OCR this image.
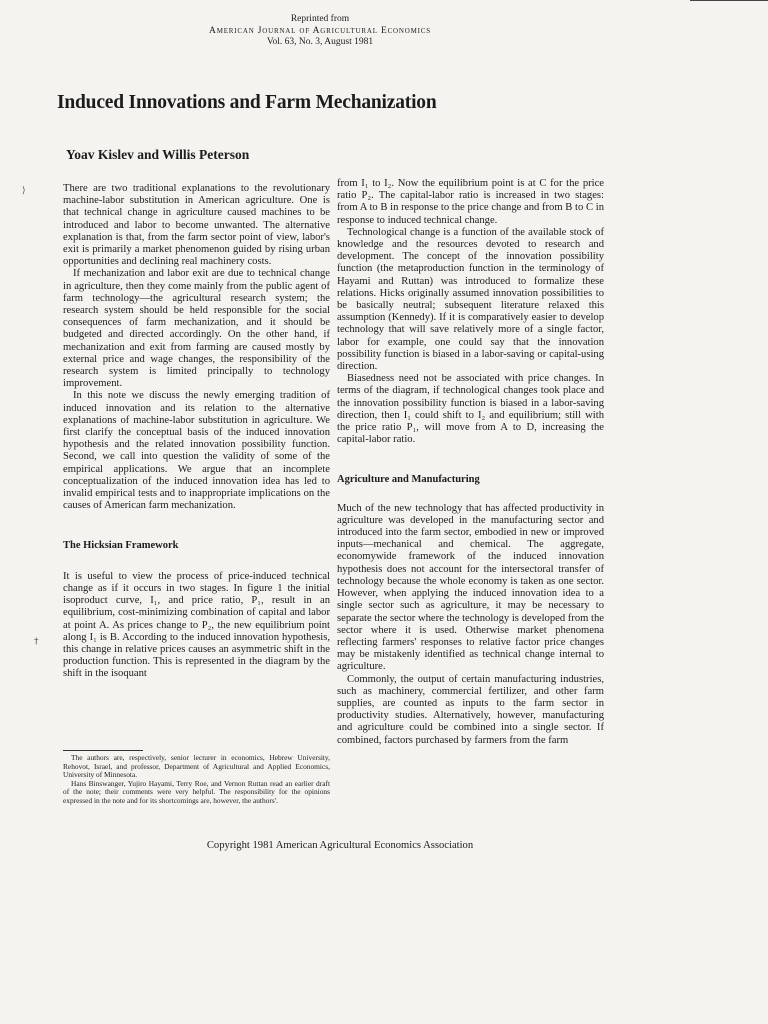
⟩
†
Reprinted from
American Journal of Agricultural Economics
Vol. 63, No. 3, August 1981
Induced Innovations and Farm Mechanization
Yoav Kislev and Willis Peterson

There are two traditional explanations to the revolutionary machine-labor substitution in American agriculture. One is that technical change in agriculture caused machines to be introduced and labor to become unwanted. The alternative explanation is that, from the farm sector point of view, labor's exit is primarily a market phenomenon guided by rising urban opportunities and declining real machinery costs.

If mechanization and labor exit are due to technical change in agriculture, then they come mainly from the public agent of farm technology—the agricultural research system; the research system should be held responsible for the social consequences of farm mechanization, and it should be budgeted and directed accordingly. On the other hand, if mechanization and exit from farming are caused mostly by external price and wage changes, the responsibility of the research system is limited principally to technology improvement.

In this note we discuss the newly emerging tradition of induced innovation and its relation to the alternative explanations of machine-labor substitution in agriculture. We first clarify the conceptual basis of the induced innovation hypothesis and the related innovation possibility function. Second, we call into question the validity of some of the empirical applications. We argue that an incomplete conceptualization of the induced innovation idea has led to invalid empirical tests and to inappropriate implications on the causes of American farm mechanization.

The Hicksian Framework

It is useful to view the process of price-induced technical change as if it occurs in two stages. In figure 1 the initial isoproduct curve, I₁, and price ratio, P₁, result in an equilibrium, cost-minimizing combination of capital and labor at point A. As prices change to P₂, the new equilibrium point along I₁ is B. According to the induced innovation hypothesis, this change in relative prices causes an asymmetric shift in the production function. This is represented in the diagram by the shift in the isoquant

The authors are, respectively, senior lecturer in economics, Hebrew University, Rehovot, Israel, and professor, Department of Agricultural and Applied Economics, University of Minnesota.

Hans Binswanger, Yujiro Hayami, Terry Roe, and Vernon Ruttan read an earlier draft of the note; their comments were very helpful. The responsibility for the opinions expressed in the note and for its shortcomings are, however, the authors'.

from I₁ to I₂. Now the equilibrium point is at C for the price ratio P₂. The capital-labor ratio is increased in two stages: from A to B in response to the price change and from B to C in response to induced technical change.

Technological change is a function of the available stock of knowledge and the resources devoted to research and development. The concept of the innovation possibility function (the metaproduction function in the terminology of Hayami and Ruttan) was introduced to formalize these relations. Hicks originally assumed innovation possibilities to be basically neutral; subsequent literature relaxed this assumption (Kennedy). If it is comparatively easier to develop technology that will save relatively more of a single factor, labor for example, one could say that the innovation possibility function is biased in a labor-saving or capital-using direction.

Biasedness need not be associated with price changes. In terms of the diagram, if technological changes took place and the innovation possibility function is biased in a labor-saving direction, then I₁ could shift to I₂ and equilibrium; still with the price ratio P₁, will move from A to D, increasing the capital-labor ratio.

Agriculture and Manufacturing

Much of the new technology that has affected productivity in agriculture was developed in the manufacturing sector and introduced into the farm sector, embodied in new or improved inputs—mechanical and chemical. The aggregate, economywide framework of the induced innovation hypothesis does not account for the intersectoral transfer of technology because the whole economy is taken as one sector. However, when applying the induced innovation idea to a single sector such as agriculture, it may be necessary to separate the sector where the technology is developed from the sector where it is used. Otherwise market phenomena reflecting farmers' responses to relative factor price changes may be mistakenly identified as technical change internal to agriculture.

Commonly, the output of certain manufacturing industries, such as machinery, commercial fertilizer, and other farm supplies, are counted as inputs to the farm sector in productivity studies. Alternatively, however, manufacturing and agriculture could be combined into a single sector. If combined, factors purchased by farmers from the farm

Copyright 1981 American Agricultural Economics Association
